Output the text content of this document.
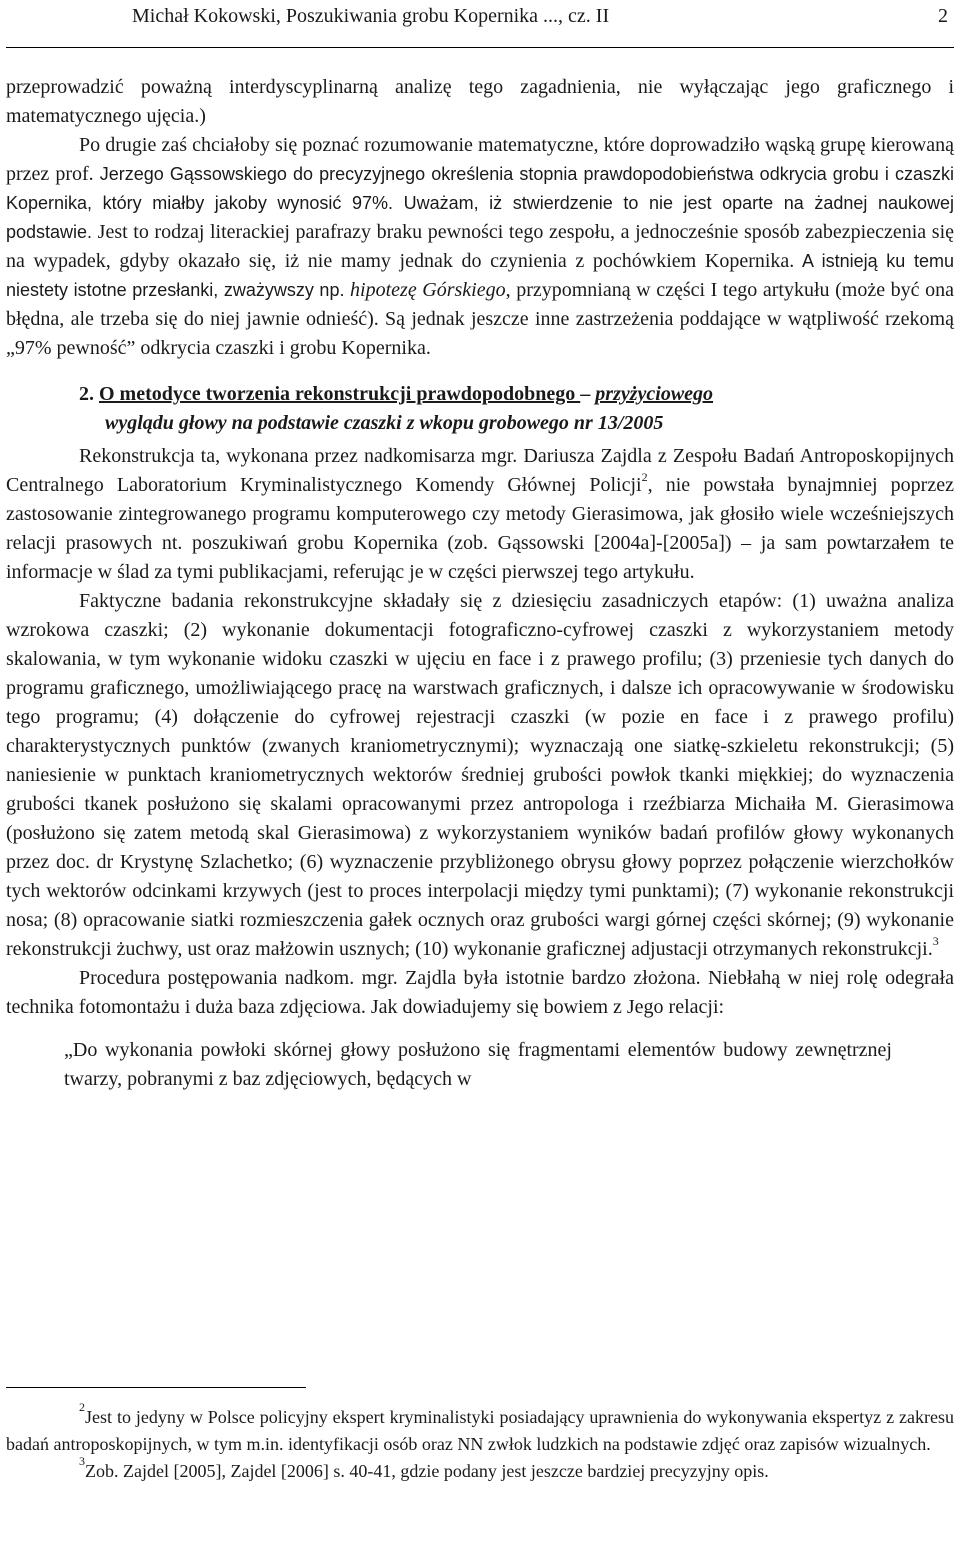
Michał Kokowski, Poszukiwania grobu Kopernika ..., cz. II	2

przeprowadzić poważną interdyscyplinarną analizę tego zagadnienia, nie wyłączając jego graficznego i matematycznego ujęcia.)

Po drugie zaś chciałoby się poznać rozumowanie matematyczne, które doprowadziło wąską grupę kierowaną przez prof. Jerzego Gąssowskiego do precyzyjnego określenia stopnia prawdopodobieństwa odkrycia grobu i czaszki Kopernika, który miałby jakoby wynosić 97%. Uważam, iż stwierdzenie to nie jest oparte na żadnej naukowej podstawie. Jest to rodzaj literackiej parafrazy braku pewności tego zespołu, a jednocześnie sposób zabezpieczenia się na wypadek, gdyby okazało się, iż nie mamy jednak do czynienia z pochówkiem Kopernika. A istnieją ku temu niestety istotne przesłanki, zważywszy np. hipotezę Górskiego, przypomnianą w części I tego artykułu (może być ona błędna, ale trzeba się do niej jawnie odnieść). Są jednak jeszcze inne zastrzeżenia poddające w wątpliwość rzekomą „97% pewność” odkrycia czaszki i grobu Kopernika.

2. O metodyce tworzenia rekonstrukcji prawdopodobnego – przyżyciowego
wyglądu głowy na podstawie czaszki z wkopu grobowego nr 13/2005

Rekonstrukcja ta, wykonana przez nadkomisarza mgr. Dariusza Zajdla z Zespołu Badań Antroposkopijnych Centralnego Laboratorium Kryminalistycznego Komendy Głównej Policji$^2$, nie powstała bynajmniej poprzez zastosowanie zintegrowanego programu komputerowego czy metody Gierasimowa, jak głosiło wiele wcześniejszych relacji prasowych nt. poszukiwań grobu Kopernika (zob. Gąssowski [2004a]-[2005a]) – ja sam powtarzałem te informacje w ślad za tymi publikacjami, referując je w części pierwszej tego artykułu.

Faktyczne badania rekonstrukcyjne składały się z dziesięciu zasadniczych etapów: (1) uważna analiza wzrokowa czaszki; (2) wykonanie dokumentacji fotograficzno-cyfrowej czaszki z wykorzystaniem metody skalowania, w tym wykonanie widoku czaszki w ujęciu en face i z prawego profilu; (3) przeniesie tych danych do programu graficznego, umożliwiającego pracę na warstwach graficznych, i dalsze ich opracowywanie w środowisku tego programu; (4) dołączenie do cyfrowej rejestracji czaszki (w pozie en face i z prawego profilu) charakterystycznych punktów (zwanych kraniometrycznymi); wyznaczają one siatkę-szkieletu rekonstrukcji; (5) naniesienie w punktach kraniometrycznych wektorów średniej grubości powłok tkanki miękkiej; do wyznaczenia grubości tkanek posłużono się skalami opracowanymi przez antropologa i rzeźbiarza Michaiła M. Gierasimowa (posłużono się zatem metodą skal Gierasimowa) z wykorzystaniem wyników badań profilów głowy wykonanych przez doc. dr Krystynę Szlachetko; (6) wyznaczenie przybliżonego obrysu głowy poprzez połączenie wierzchołków tych wektorów odcinkami krzywych (jest to proces interpolacji między tymi punktami); (7) wykonanie rekonstrukcji nosa; (8) opracowanie siatki rozmieszczenia gałek ocznych oraz grubości wargi górnej części skórnej; (9) wykonanie rekonstrukcji żuchwy, ust oraz małżowin usznych; (10) wykonanie graficznej adjustacji otrzymanych rekonstrukcji.$^3$

Procedura postępowania nadkom. mgr. Zajdla była istotnie bardzo złożona. Niebłahą w niej rolę odegrała technika fotomontażu i duża baza zdjęciowa. Jak dowiadujemy się bowiem z Jego relacji:

„Do wykonania powłoki skórnej głowy posłużono się fragmentami elementów budowy zewnętrznej twarzy, pobranymi z baz zdjęciowych, będących w

$^2$Jest to jedyny w Polsce policyjny ekspert kryminalistyki posiadający uprawnienia do wykonywania ekspertyz z zakresu badań antroposkopijnych, w tym m.in. identyfikacji osób oraz NN zwłok ludzkich na podstawie zdjęć oraz zapisów wizualnych.

$^3$Zob. Zajdel [2005], Zajdel [2006] s. 40-41, gdzie podany jest jeszcze bardziej precyzyjny opis.
